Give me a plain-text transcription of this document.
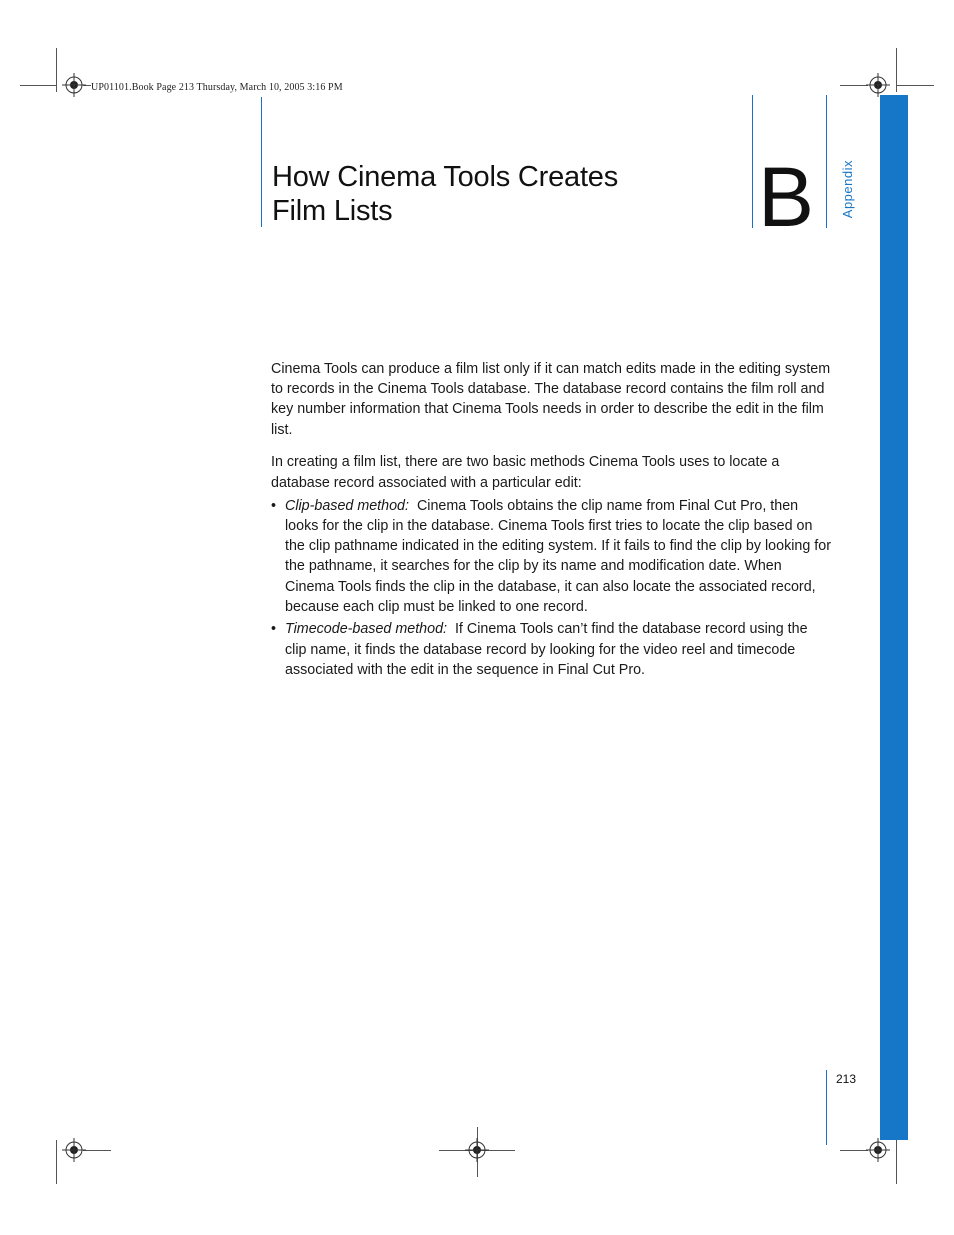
UP01101.Book Page 213 Thursday, March 10, 2005 3:16 PM
How Cinema Tools Creates
Film Lists	B Appendix

Cinema Tools can produce a film list only if it can match edits made in the editing system to records in the Cinema Tools database. The database record contains the film roll and key number information that Cinema Tools needs in order to describe the edit in the film list.

In creating a film list, there are two basic methods Cinema Tools uses to locate a database record associated with a particular edit:

• Clip-based method: Cinema Tools obtains the clip name from Final Cut Pro, then looks for the clip in the database. Cinema Tools first tries to locate the clip based on the clip pathname indicated in the editing system. If it fails to find the clip by looking for the pathname, it searches for the clip by its name and modification date. When Cinema Tools finds the clip in the database, it can also locate the associated record, because each clip must be linked to one record.
• Timecode-based method: If Cinema Tools can’t find the database record using the clip name, it finds the database record by looking for the video reel and timecode associated with the edit in the sequence in Final Cut Pro.
213
